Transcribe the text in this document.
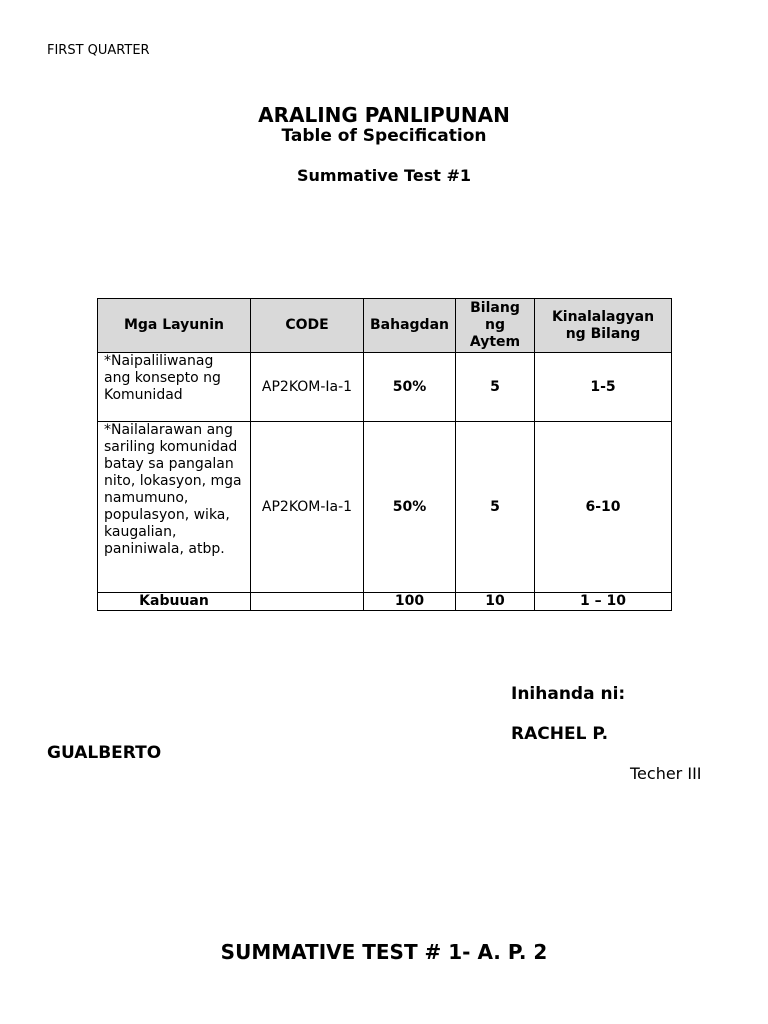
FIRST QUARTER
ARALING PANLIPUNAN
Table of Specification
Summative Test #1
Mga Layunin	CODE	Bahagdan	Bilang ng Aytem	Kinalalagyan ng Bilang
*Naipaliliwanag ang konsepto ng Komunidad	AP2KOM-Ia-1	50%	5	1-5
*Nailalarawan ang sariling komunidad batay sa pangalan nito, lokasyon, mga namumuno, populasyon, wika, kaugalian, paniniwala, atbp.	AP2KOM-Ia-1	50%	5	6-10
Kabuuan		100	10	1 – 10
Inihanda ni:
RACHEL P.
GUALBERTO
Techer III
SUMMATIVE TEST # 1- A. P. 2
